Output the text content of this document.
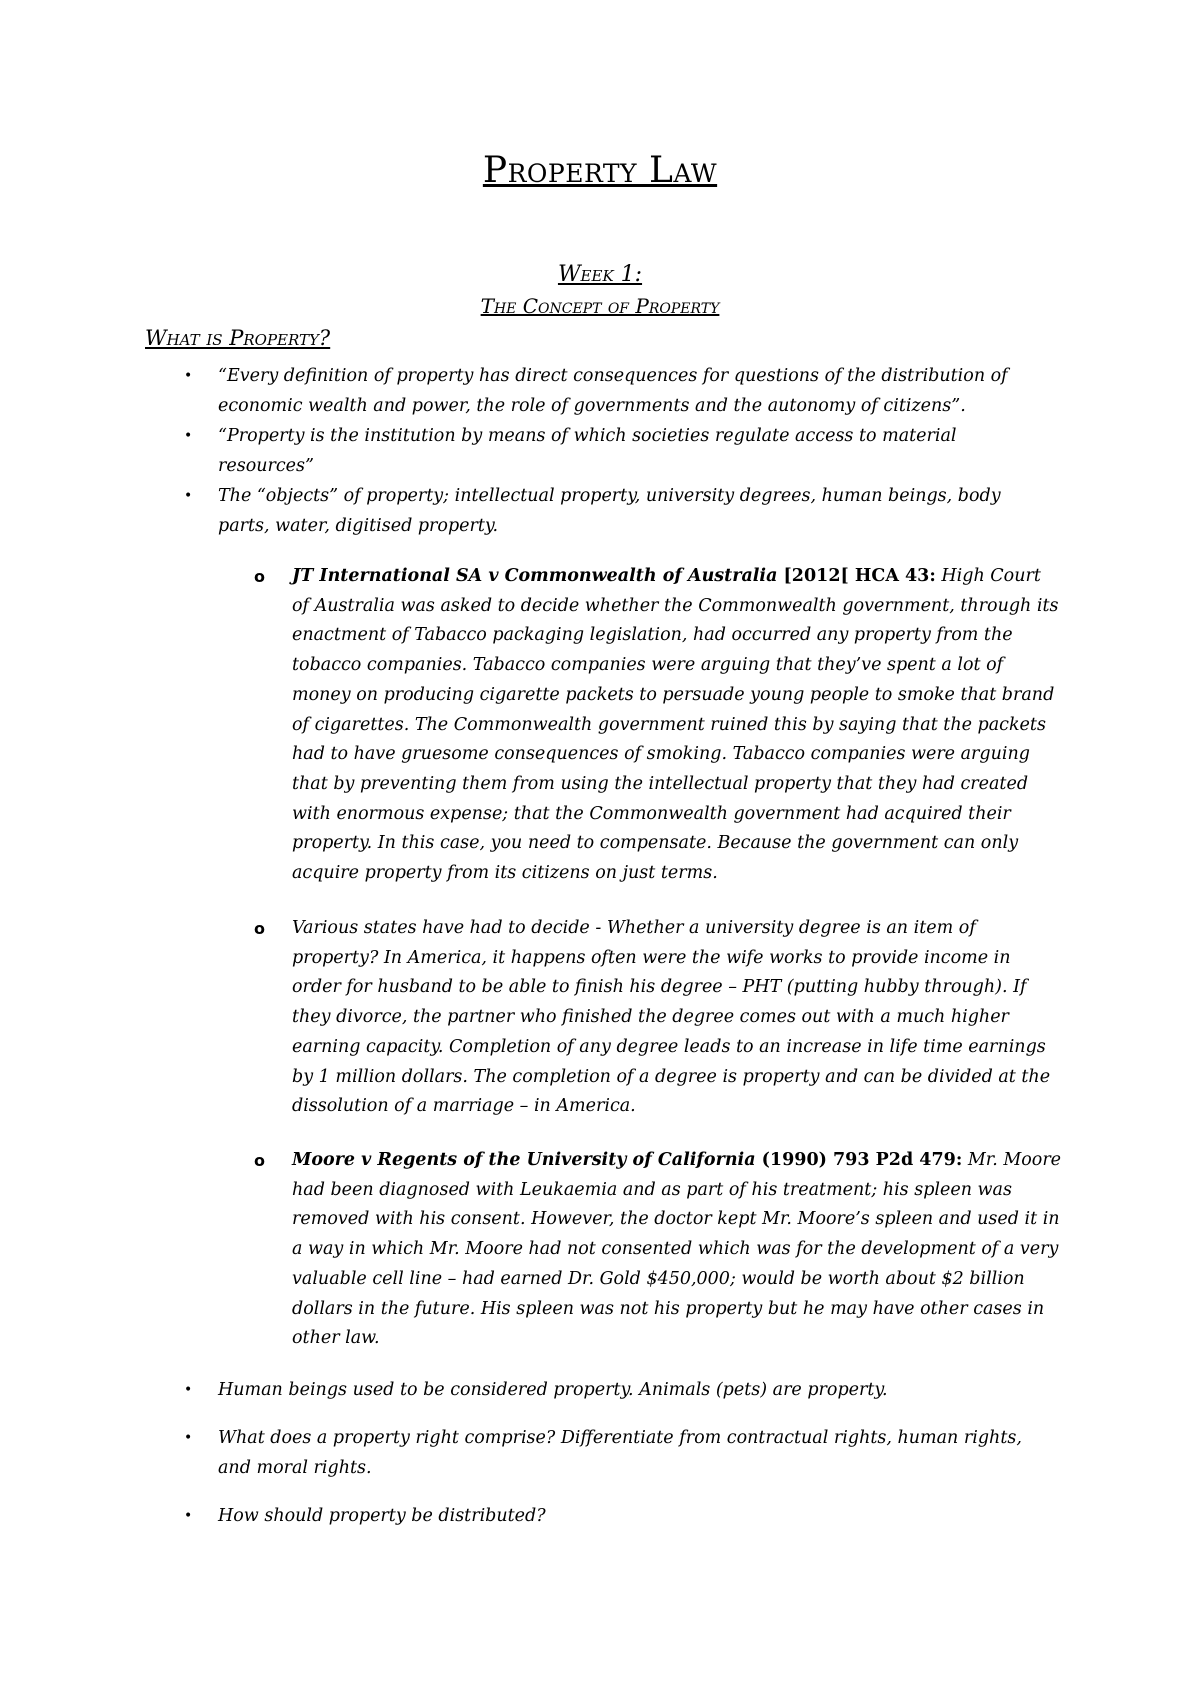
Property Law
Week 1:
The Concept of Property
What is Property?
• “Every definition of property has direct consequences for questions of the distribution of economic wealth and power, the role of governments and the autonomy of citizens”.
• “Property is the institution by means of which societies regulate access to material resources”
• The “objects” of property; intellectual property, university degrees, human beings, body parts, water, digitised property.
o JT International SA v Commonwealth of Australia [2012[ HCA 43: High Court of Australia was asked to decide whether the Commonwealth government, through its enactment of Tabacco packaging legislation, had occurred any property from the tobacco companies. Tabacco companies were arguing that they’ve spent a lot of money on producing cigarette packets to persuade young people to smoke that brand of cigarettes. The Commonwealth government ruined this by saying that the packets had to have gruesome consequences of smoking. Tabacco companies were arguing that by preventing them from using the intellectual property that they had created with enormous expense; that the Commonwealth government had acquired their property. In this case, you need to compensate. Because the government can only acquire property from its citizens on just terms.
o Various states have had to decide - Whether a university degree is an item of property? In America, it happens often were the wife works to provide income in order for husband to be able to finish his degree – PHT (putting hubby through). If they divorce, the partner who finished the degree comes out with a much higher earning capacity. Completion of any degree leads to an increase in life time earnings by 1 million dollars. The completion of a degree is property and can be divided at the dissolution of a marriage – in America.
o Moore v Regents of the University of California (1990) 793 P2d 479: Mr. Moore had been diagnosed with Leukaemia and as part of his treatment; his spleen was removed with his consent. However, the doctor kept Mr. Moore’s spleen and used it in a way in which Mr. Moore had not consented which was for the development of a very valuable cell line – had earned Dr. Gold $450,000; would be worth about $2 billion dollars in the future. His spleen was not his property but he may have other cases in other law.
• Human beings used to be considered property. Animals (pets) are property.
• What does a property right comprise? Differentiate from contractual rights, human rights, and moral rights.
• How should property be distributed?
